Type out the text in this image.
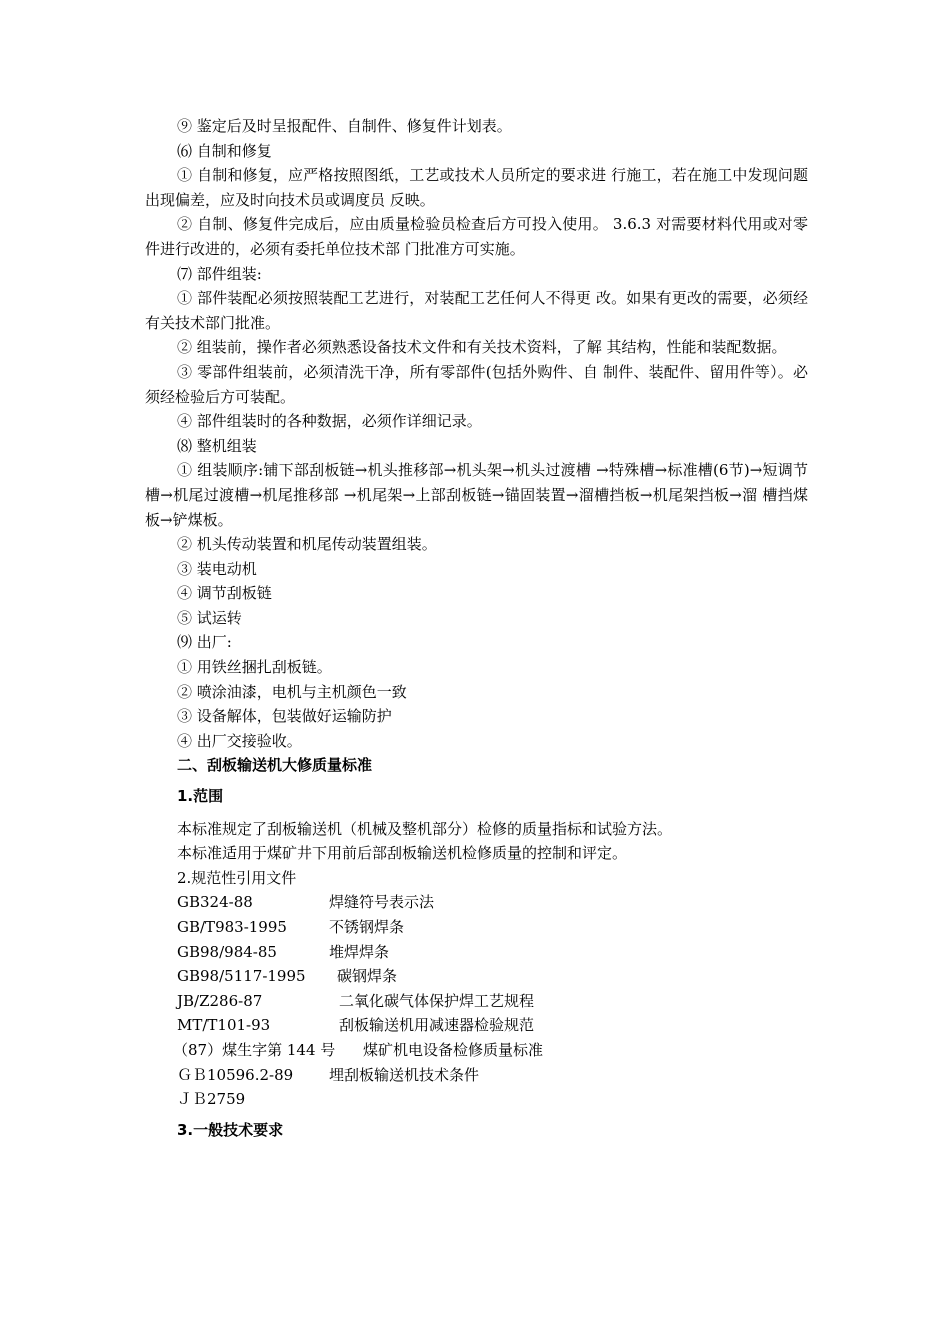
⑨ 鉴定后及时呈报配件、自制件、修复件计划表。

⑹ 自制和修复

① 自制和修复，应严格按照图纸，工艺或技术人员所定的要求进 行施工，若在施工中发现问题出现偏差，应及时向技术员或调度员 反映。

② 自制、修复件完成后，应由质量检验员检查后方可投入使用。 3.6.3 对需要材料代用或对零件进行改进的，必须有委托单位技术部 门批准方可实施。

⑺ 部件组装:

① 部件装配必须按照装配工艺进行，对装配工艺任何人不得更 改。如果有更改的需要，必须经有关技术部门批准。

② 组装前，操作者必须熟悉设备技术文件和有关技术资料，了解 其结构，性能和装配数据。

③ 零部件组装前，必须清洗干净，所有零部件(包括外购件、自 制件、装配件、留用件等）。必须经检验后方可装配。

④ 部件组装时的各种数据，必须作详细记录。

⑻ 整机组装

① 组装顺序:铺下部刮板链→机头推移部→机头架→机头过渡槽 →特殊槽→标准槽(6节)→短调节槽→机尾过渡槽→机尾推移部 →机尾架→上部刮板链→锚固装置→溜槽挡板→机尾架挡板→溜 槽挡煤板→铲煤板。

② 机头传动装置和机尾传动装置组装。

③ 装电动机

④ 调节刮板链

⑤ 试运转

⑼ 出厂:

① 用铁丝捆扎刮板链。

② 喷涂油漆，电机与主机颜色一致

③ 设备解体，包装做好运输防护

④ 出厂交接验收。

二、刮板输送机大修质量标准

1.范围

本标准规定了刮板输送机（机械及整机部分）检修的质量指标和试验方法。

本标准适用于煤矿井下用前后部刮板输送机检修质量的控制和评定。

2.规范性引用文件

GB324-88	焊缝符号表示法
GB/T983-1995	不锈钢焊条
GB98/984-85	堆焊焊条
GB98/5117-1995	碳钢焊条
JB/Z286-87	二氧化碳气体保护焊工艺规程
MT/T101-93	刮板输送机用减速器检验规范
（87）煤生字第 144 号	煤矿机电设备检修质量标准
ＧＢ10596.2-89	埋刮板输送机技术条件
ＪＢ2759

3.一般技术要求
